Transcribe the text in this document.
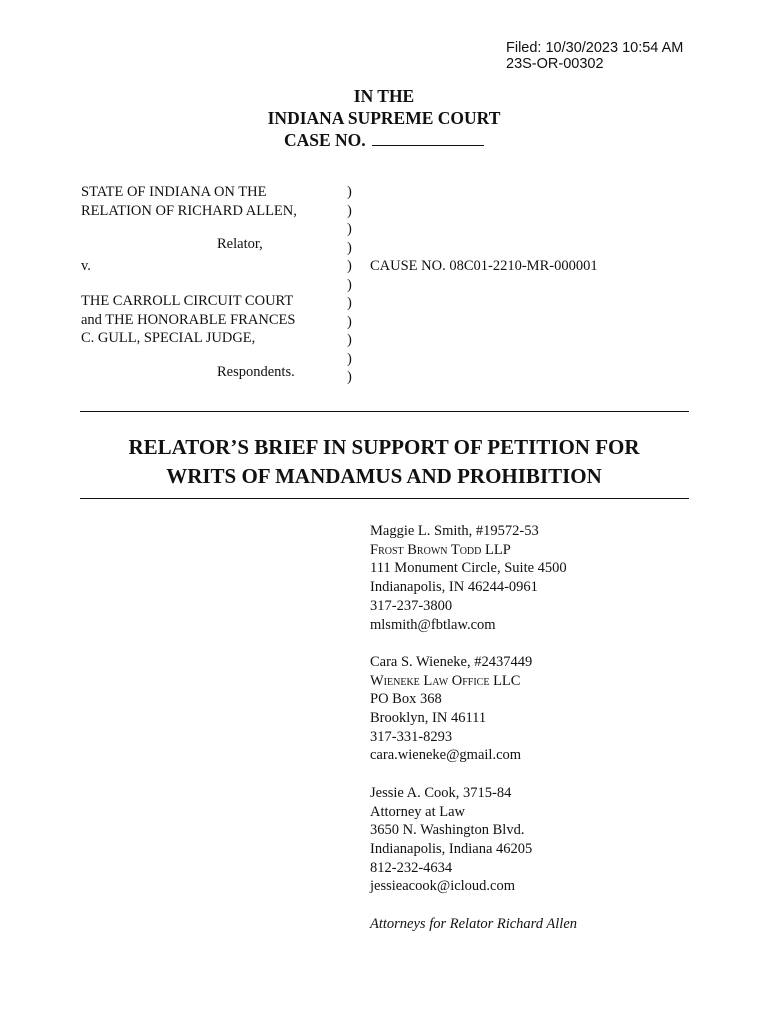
Filed: 10/30/2023 10:54 AM
23S-OR-00302
IN THE
INDIANA SUPREME COURT
CASE NO.
STATE OF INDIANA ON THE
RELATION OF RICHARD ALLEN,
Relator,
v.
THE CARROLL CIRCUIT COURT
and THE HONORABLE FRANCES
C. GULL, SPECIAL JUDGE,
Respondents.
)
)
)
)
)
)
)
)
)
)
)
CAUSE NO. 08C01-2210-MR-000001
RELATOR’S BRIEF IN SUPPORT OF PETITION FOR
WRITS OF MANDAMUS AND PROHIBITION
Maggie L. Smith, #19572-53
Frost Brown Todd LLP
111 Monument Circle, Suite 4500
Indianapolis, IN 46244-0961
317-237-3800
mlsmith@fbtlaw.com
Cara S. Wieneke, #2437449
Wieneke Law Office LLC
PO Box 368
Brooklyn, IN 46111
317-331-8293
cara.wieneke@gmail.com
Jessie A. Cook, 3715-84
Attorney at Law
3650 N. Washington Blvd.
Indianapolis, Indiana 46205
812-232-4634
jessieacook@icloud.com
Attorneys for Relator Richard Allen
